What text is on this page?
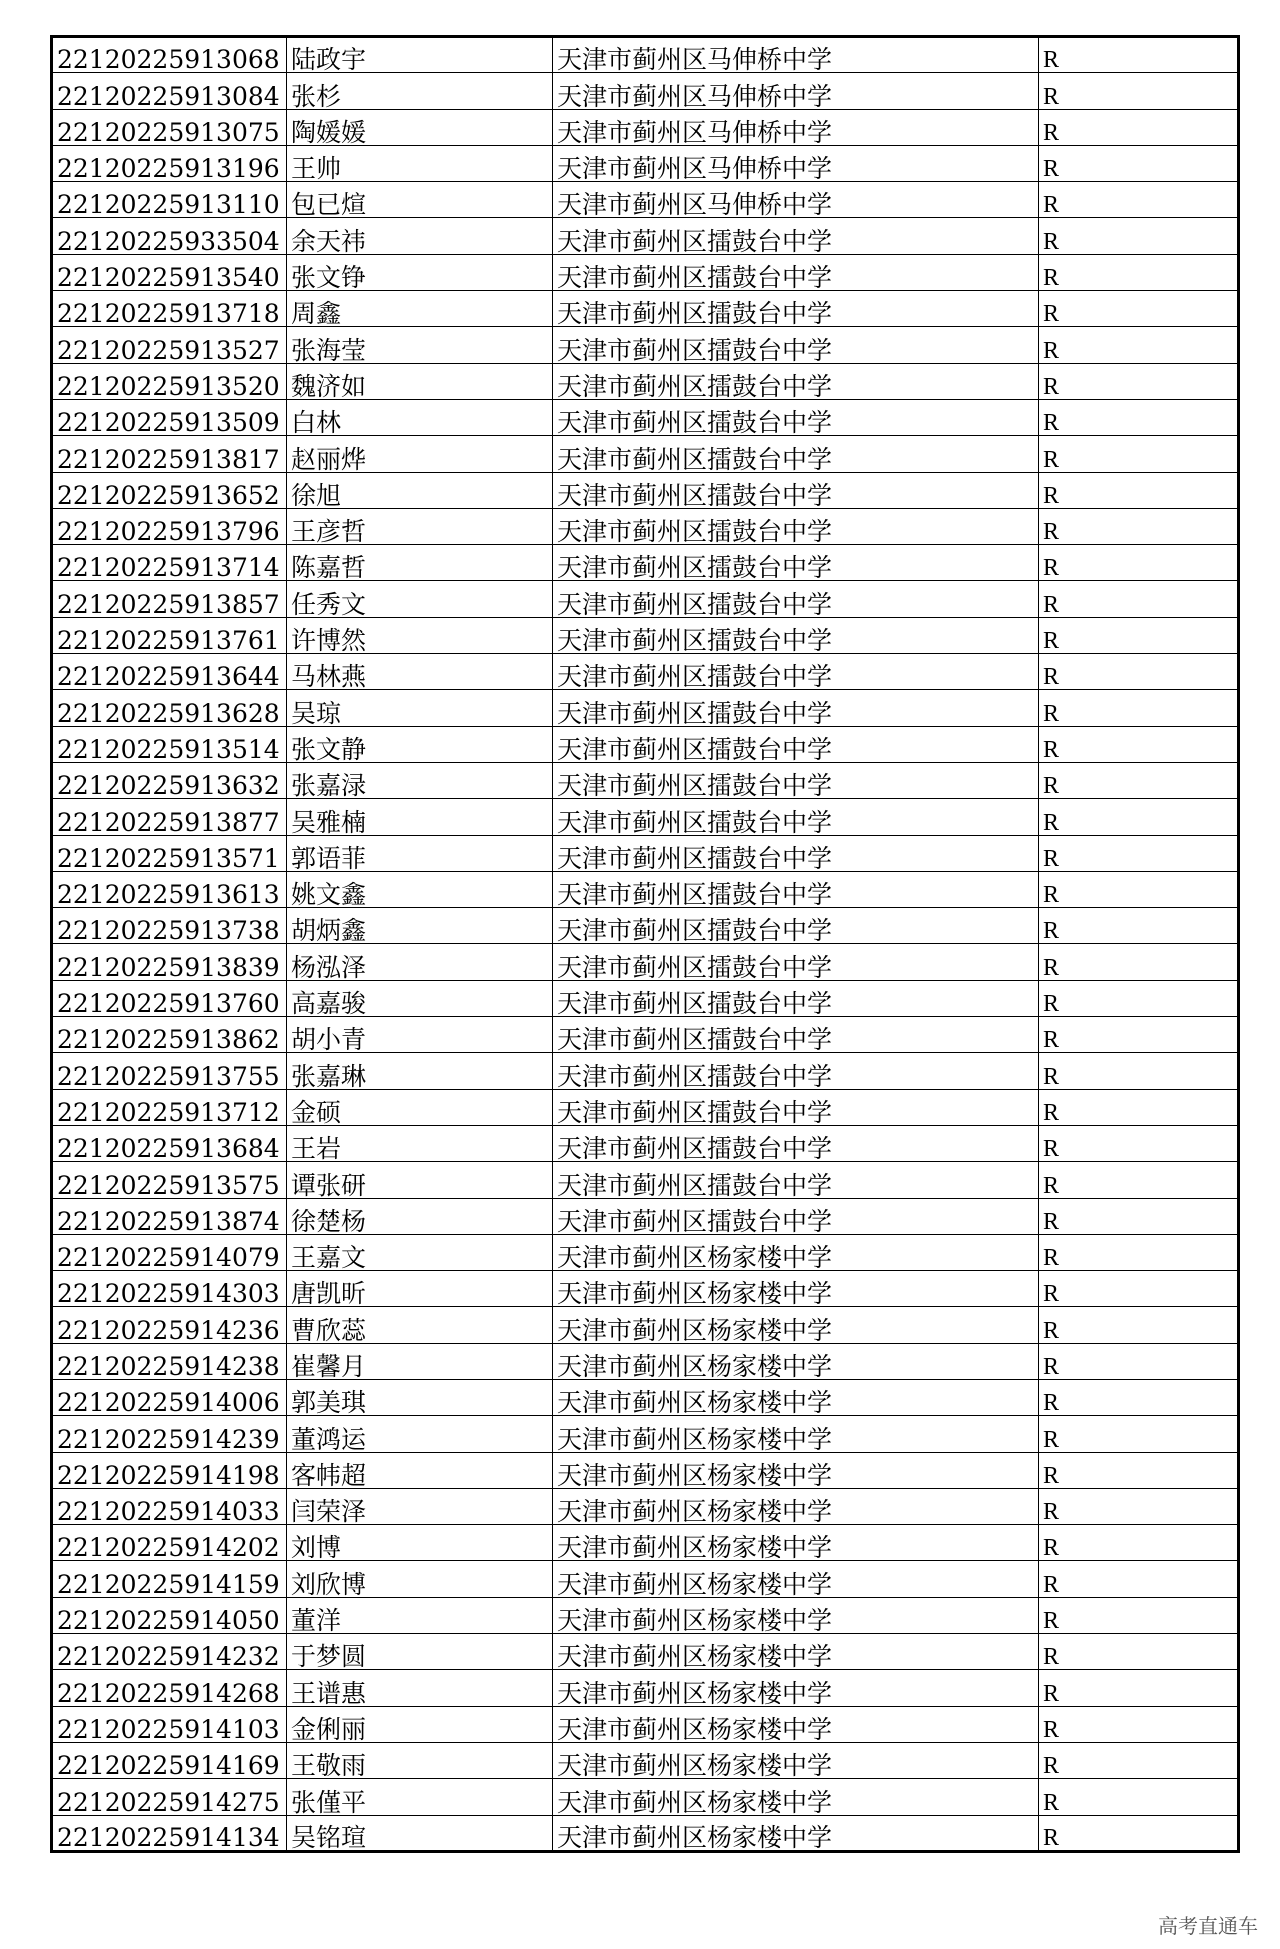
22120225913068	陆政宇	天津市蓟州区马伸桥中学	R
22120225913084	张杉	天津市蓟州区马伸桥中学	R
22120225913075	陶媛媛	天津市蓟州区马伸桥中学	R
22120225913196	王帅	天津市蓟州区马伸桥中学	R
22120225913110	包已煊	天津市蓟州区马伸桥中学	R
22120225933504	余天祎	天津市蓟州区擂鼓台中学	R
22120225913540	张文铮	天津市蓟州区擂鼓台中学	R
22120225913718	周鑫	天津市蓟州区擂鼓台中学	R
22120225913527	张海莹	天津市蓟州区擂鼓台中学	R
22120225913520	魏济如	天津市蓟州区擂鼓台中学	R
22120225913509	白林	天津市蓟州区擂鼓台中学	R
22120225913817	赵丽烨	天津市蓟州区擂鼓台中学	R
22120225913652	徐旭	天津市蓟州区擂鼓台中学	R
22120225913796	王彦哲	天津市蓟州区擂鼓台中学	R
22120225913714	陈嘉哲	天津市蓟州区擂鼓台中学	R
22120225913857	任秀文	天津市蓟州区擂鼓台中学	R
22120225913761	许博然	天津市蓟州区擂鼓台中学	R
22120225913644	马林燕	天津市蓟州区擂鼓台中学	R
22120225913628	吴琼	天津市蓟州区擂鼓台中学	R
22120225913514	张文静	天津市蓟州区擂鼓台中学	R
22120225913632	张嘉渌	天津市蓟州区擂鼓台中学	R
22120225913877	吴雅楠	天津市蓟州区擂鼓台中学	R
22120225913571	郭语菲	天津市蓟州区擂鼓台中学	R
22120225913613	姚文鑫	天津市蓟州区擂鼓台中学	R
22120225913738	胡炳鑫	天津市蓟州区擂鼓台中学	R
22120225913839	杨泓泽	天津市蓟州区擂鼓台中学	R
22120225913760	高嘉骏	天津市蓟州区擂鼓台中学	R
22120225913862	胡小青	天津市蓟州区擂鼓台中学	R
22120225913755	张嘉琳	天津市蓟州区擂鼓台中学	R
22120225913712	金硕	天津市蓟州区擂鼓台中学	R
22120225913684	王岩	天津市蓟州区擂鼓台中学	R
22120225913575	谭张研	天津市蓟州区擂鼓台中学	R
22120225913874	徐楚杨	天津市蓟州区擂鼓台中学	R
22120225914079	王嘉文	天津市蓟州区杨家楼中学	R
22120225914303	唐凯昕	天津市蓟州区杨家楼中学	R
22120225914236	曹欣蕊	天津市蓟州区杨家楼中学	R
22120225914238	崔馨月	天津市蓟州区杨家楼中学	R
22120225914006	郭美琪	天津市蓟州区杨家楼中学	R
22120225914239	董鸿运	天津市蓟州区杨家楼中学	R
22120225914198	客帏超	天津市蓟州区杨家楼中学	R
22120225914033	闫荣泽	天津市蓟州区杨家楼中学	R
22120225914202	刘博	天津市蓟州区杨家楼中学	R
22120225914159	刘欣博	天津市蓟州区杨家楼中学	R
22120225914050	董洋	天津市蓟州区杨家楼中学	R
22120225914232	于梦圆	天津市蓟州区杨家楼中学	R
22120225914268	王谱惠	天津市蓟州区杨家楼中学	R
22120225914103	金俐丽	天津市蓟州区杨家楼中学	R
22120225914169	王敬雨	天津市蓟州区杨家楼中学	R
22120225914275	张僅平	天津市蓟州区杨家楼中学	R
22120225914134	吴铭瑄	天津市蓟州区杨家楼中学	R
高考直通车
